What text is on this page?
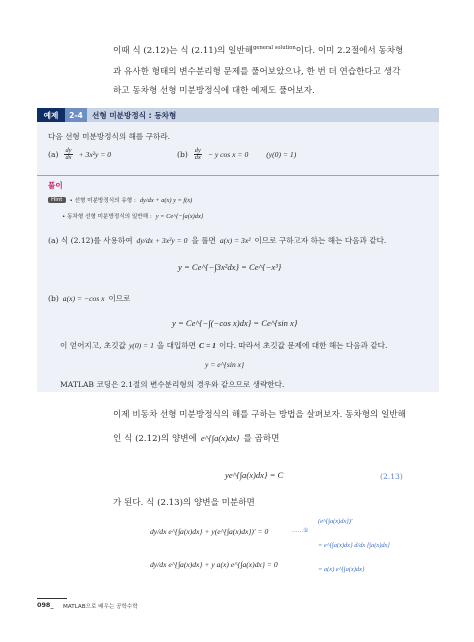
이때 식 (2.12)는 식 (2.11)의 일반해$^{general solution}$이다. 이미 2.2절에서 동차형
과 유사한 형태의 변수분리형 문제를 풀어보았으나, 한 번 더 연습한다고 생각
하고 동차형 선형 미분방정식에 대한 예제도 풀어보자.
예제	2-4	선형 미분방정식 : 동차형
다음 선형 미분방정식의 해를 구하라.
$(a) \frac{dy}{dx} + 3x^2y = 0$	$(b) \frac{dy}{dx} - y$ cos x = 0 (y(0) = 1)
풀이
Hint	• 선형 미분방정식의 유형 : dy/dx + a(x) y = f(x)
• 동차형 선형 미분방정식의 일반해 : y = Ce^{−∫a(x)dx}
(a) 식 (2.12)를 사용하여 dy/dx + 3x²y = 0 을 풀면 a(x) = 3x² 이므로 구하고자 하는 해는 다음과 같다.
y = Ce^{−∫3x²dx} = Ce^{−x³}
(b) a(x) = −cos x 이므로
y = Ce^{−∫(−cos x)dx} = Ce^{sin x}
이 얻어지고, 초깃값 y(0) = 1 을 대입하면 C = 1 이다. 따라서 초깃값 문제에 대한 해는 다음과 같다.
y = e^{sin x}
MATLAB 코딩은 2.1절의 변수분리형의 경우와 같으므로 생략한다.
이제 비동차 선형 미분방정식의 해를 구하는 방법을 살펴보자. 동차형의 일반해
인 식 (2.12)의 양변에 e^{∫a(x)dx} 를 곱하면
ye^{∫a(x)dx} = C	(2.13)
가 된다. 식 (2.13)의 양변을 미분하면
dy/dx e^{∫a(x)dx} + y(e^{∫a(x)dx})′ = 0
dy/dx e^{∫a(x)dx} + y a(x) e^{∫a(x)dx} = 0
……①
(e^{∫a(x)dx})′
= e^{∫a(x)dx} d/dx [∫a(x)dx]
= a(x) e^{∫a(x)dx}
098_ MATLAB으로 배우는 공학수학
